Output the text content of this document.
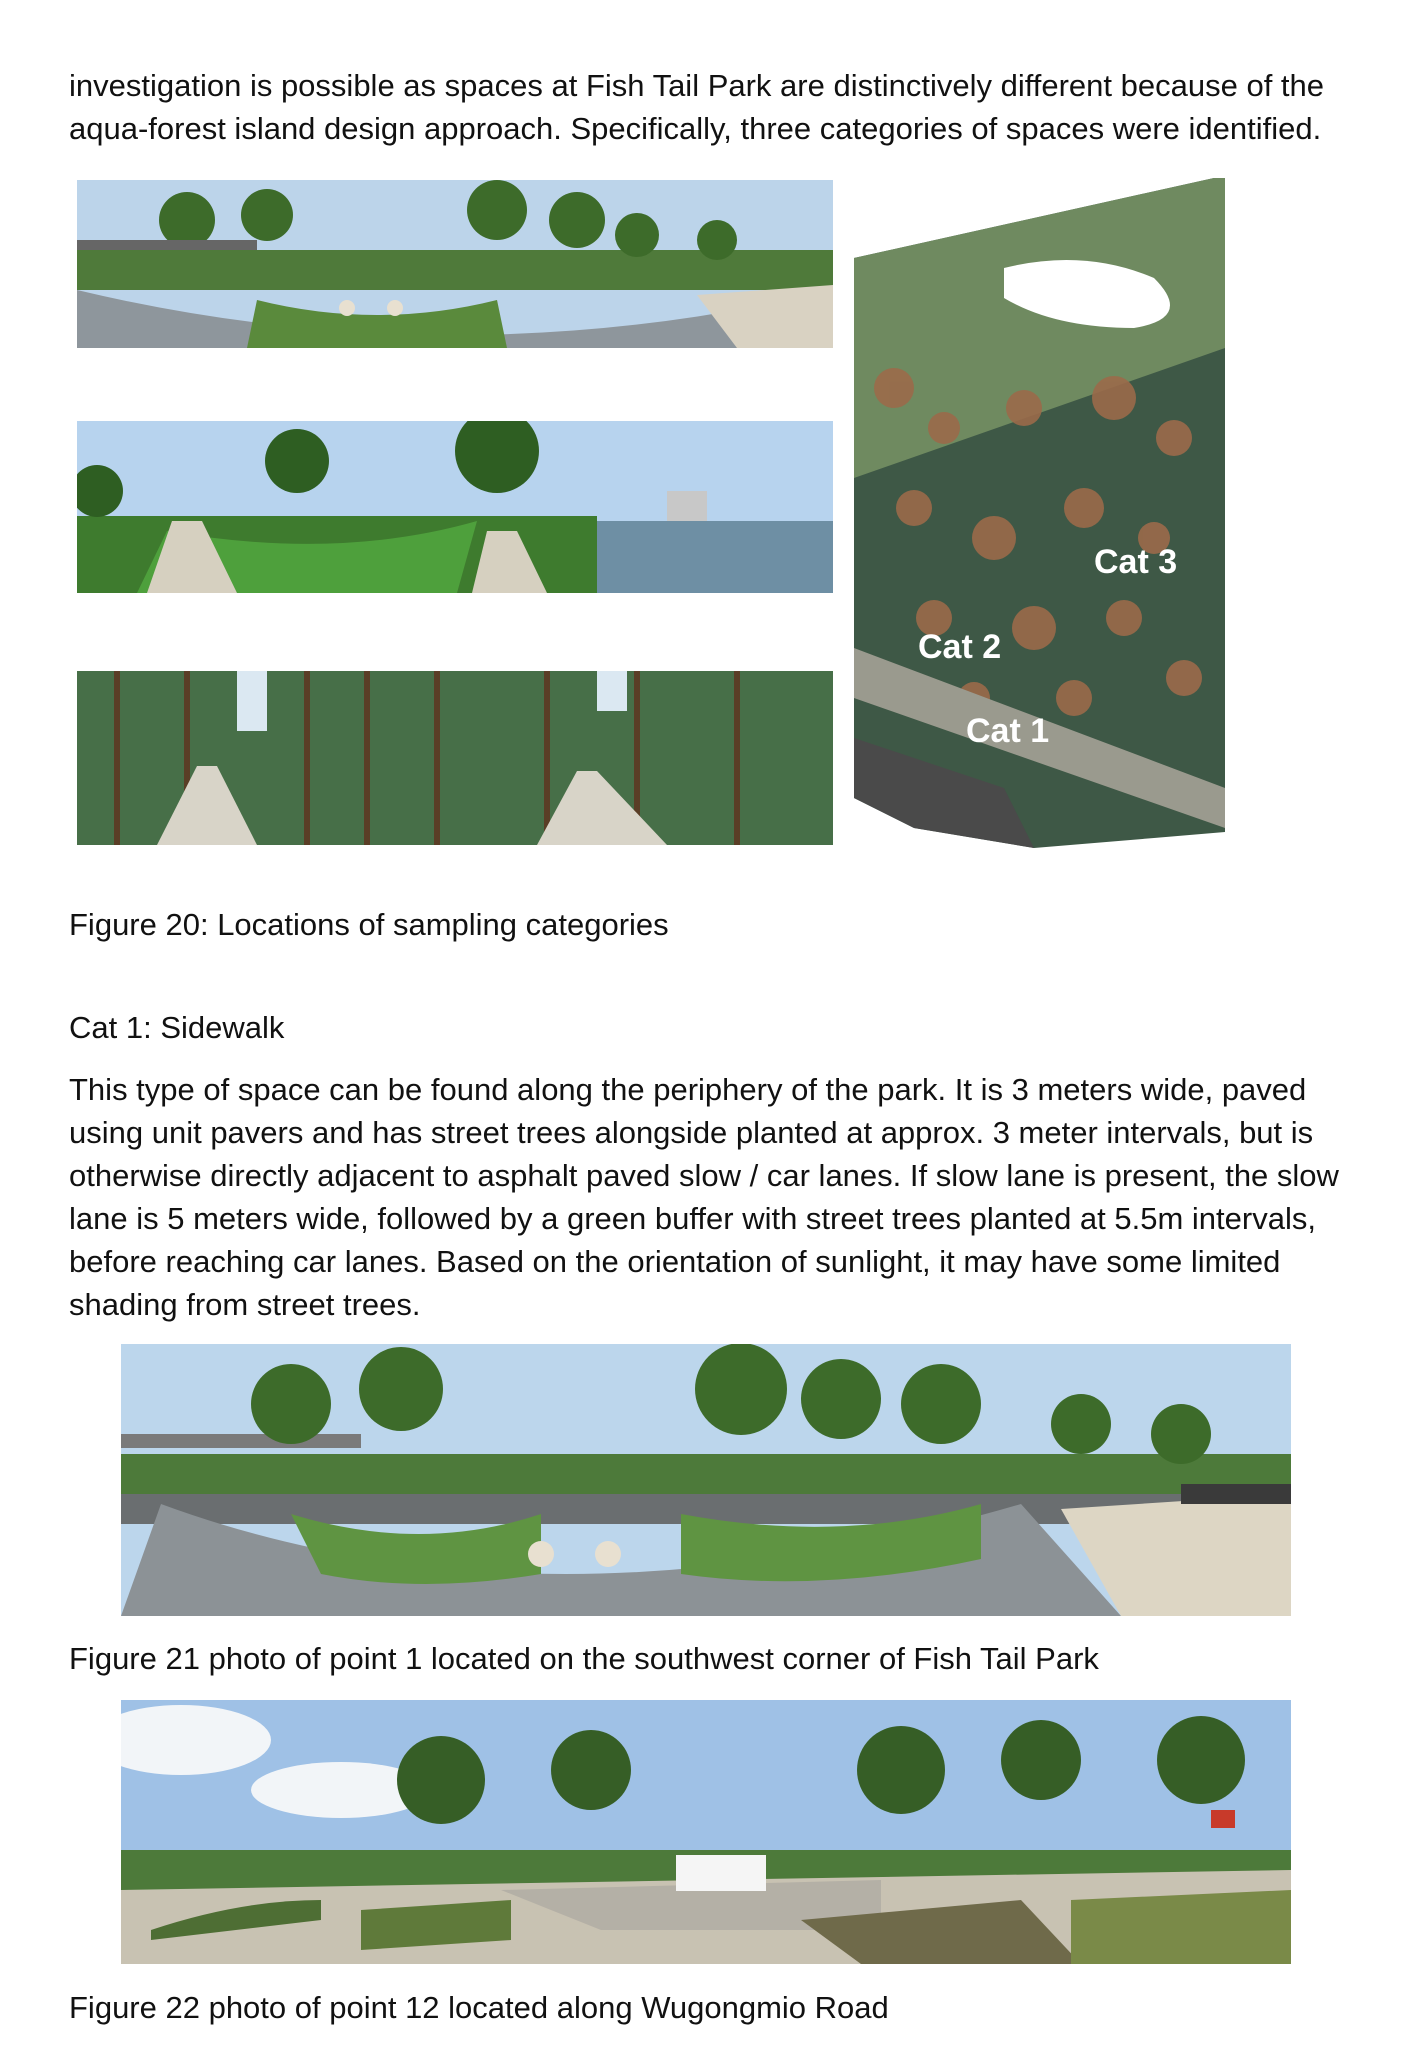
investigation is possible as spaces at Fish Tail Park are distinctively different because of the aqua-forest island design approach. Specifically, three categories of spaces were identified.

Cat 3
Cat 2
Cat 1

Figure 20: Locations of sampling categories

Cat 1: Sidewalk

This type of space can be found along the periphery of the park. It is 3 meters wide, paved using unit pavers and has street trees alongside planted at approx. 3 meter intervals, but is otherwise directly adjacent to asphalt paved slow / car lanes. If slow lane is present, the slow lane is 5 meters wide, followed by a green buffer with street trees planted at 5.5m intervals, before reaching car lanes. Based on the orientation of sunlight, it may have some limited shading from street trees.

Figure 21 photo of point 1 located on the southwest corner of Fish Tail Park

Figure 22 photo of point 12 located along Wugongmio Road
